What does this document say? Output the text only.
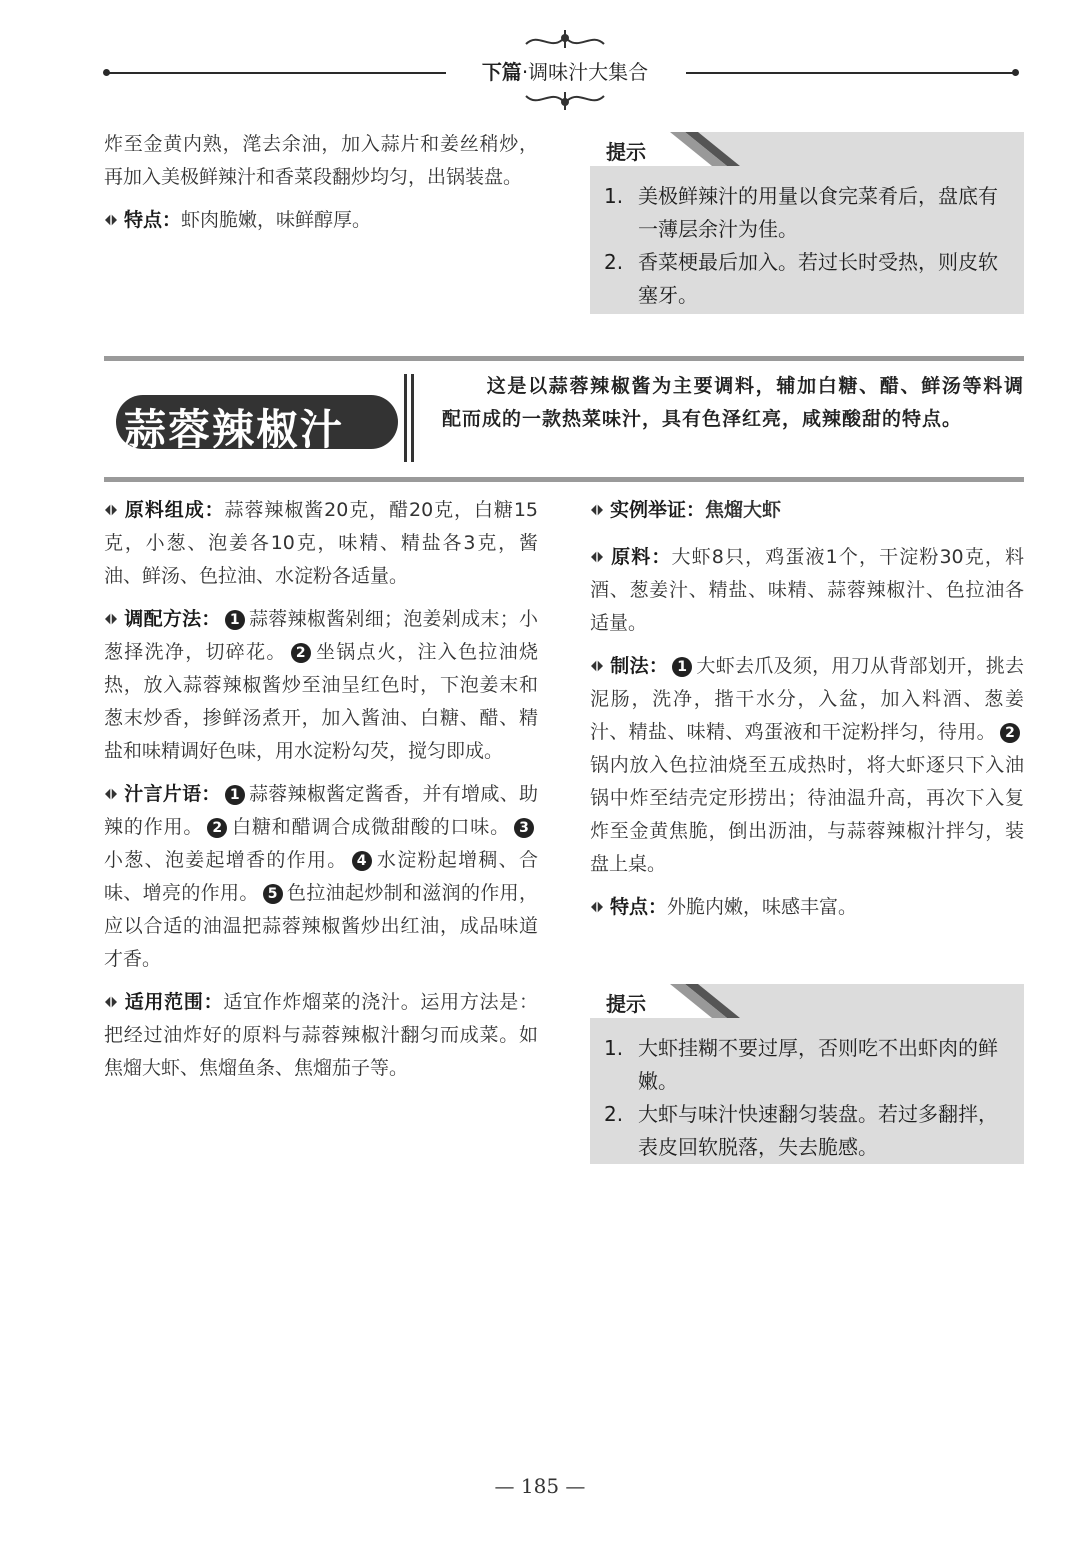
下篇·调味汁大集合

炸至金黄内熟，滗去余油，加入蒜片和姜丝稍炒，再加入美极鲜辣汁和香菜段翻炒均匀，出锅装盘。

特点：虾肉脆嫩，味鲜醇厚。

提示
1. 美极鲜辣汁的用量以食完菜肴后，盘底有一薄层余汁为佳。
2. 香菜梗最后加入。若过长时受热，则皮软塞牙。
蒜蓉辣椒汁
这是以蒜蓉辣椒酱为主要调料，辅加白糖、醋、鲜汤等料调配而成的一款热菜味汁，具有色泽红亮，咸辣酸甜的特点。

原料组成：蒜蓉辣椒酱20克，醋20克，白糖15克，小葱、泡姜各10克，味精、精盐各3克，酱油、鲜汤、色拉油、水淀粉各适量。

调配方法： 1 蒜蓉辣椒酱剁细；泡姜剁成末；小葱择洗净，切碎花。 2 坐锅点火，注入色拉油烧热，放入蒜蓉辣椒酱炒至油呈红色时，下泡姜末和葱末炒香，掺鲜汤煮开，加入酱油、白糖、醋、精盐和味精调好色味，用水淀粉勾芡，搅匀即成。

汁言片语： 1 蒜蓉辣椒酱定酱香，并有增咸、助辣的作用。 2 白糖和醋调合成微甜酸的口味。 3小葱、泡姜起增香的作用。 4 水淀粉起增稠、合味、增亮的作用。 5 色拉油起炒制和滋润的作用，应以合适的油温把蒜蓉辣椒酱炒出红油，成品味道才香。

适用范围：适宜作炸熘菜的浇汁。运用方法是：把经过油炸好的原料与蒜蓉辣椒汁翻匀而成菜。如焦熘大虾、焦熘鱼条、焦熘茄子等。

实例举证：焦熘大虾

原料：大虾8只，鸡蛋液1个，干淀粉30克，料酒、葱姜汁、精盐、味精、蒜蓉辣椒汁、色拉油各适量。

制法： 1 大虾去爪及须，用刀从背部划开，挑去泥肠，洗净，揩干水分，入盆，加入料酒、葱姜汁、精盐、味精、鸡蛋液和干淀粉拌匀，待用。 2锅内放入色拉油烧至五成热时，将大虾逐只下入油锅中炸至结壳定形捞出；待油温升高，再次下入复炸至金黄焦脆，倒出沥油，与蒜蓉辣椒汁拌匀，装盘上桌。

特点：外脆内嫩，味感丰富。

提示
1. 大虾挂糊不要过厚，否则吃不出虾肉的鲜嫩。
2. 大虾与味汁快速翻匀装盘。若过多翻拌，表皮回软脱落，失去脆感。
— 185 —
